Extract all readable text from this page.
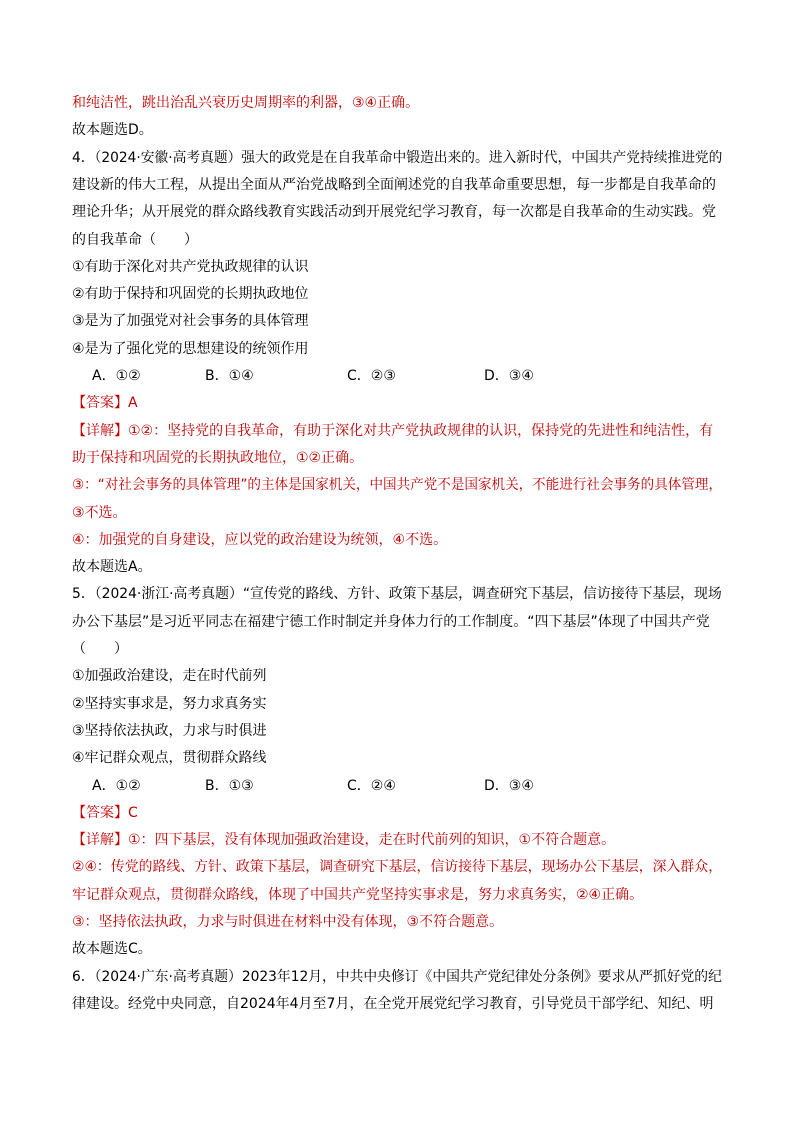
和纯洁性，跳出治乱兴衰历史周期率的利器，③④正确。
故本题选D。
4．（2024·安徽·高考真题）强大的政党是在自我革命中锻造出来的。进入新时代，中国共产党持续推进党的
建设新的伟大工程，从提出全面从严治党战略到全面阐述党的自我革命重要思想，每一步都是自我革命的
理论升华；从开展党的群众路线教育实践活动到开展党纪学习教育，每一次都是自我革命的生动实践。党
的自我革命（　　）
①有助于深化对共产党执政规律的认识
②有助于保持和巩固党的长期执政地位
③是为了加强党对社会事务的具体管理
④是为了强化党的思想建设的统领作用
A．①②	B．①④	C．②③	D．③④
【答案】A
【详解】①②：坚持党的自我革命，有助于深化对共产党执政规律的认识，保持党的先进性和纯洁性，有
助于保持和巩固党的长期执政地位，①②正确。
③：“对社会事务的具体管理”的主体是国家机关，中国共产党不是国家机关，不能进行社会事务的具体管理，
③不选。
④：加强党的自身建设，应以党的政治建设为统领，④不选。
故本题选A。
5．（2024·浙江·高考真题）“宣传党的路线、方针、政策下基层，调查研究下基层，信访接待下基层，现场
办公下基层”是习近平同志在福建宁德工作时制定并身体力行的工作制度。“四下基层”体现了中国共产党
（　　）
①加强政治建设，走在时代前列
②坚持实事求是，努力求真务实
③坚持依法执政，力求与时俱进
④牢记群众观点，贯彻群众路线
A．①②	B．①③	C．②④	D．③④
【答案】C
【详解】①：四下基层，没有体现加强政治建设，走在时代前列的知识，①不符合题意。
②④：传党的路线、方针、政策下基层，调查研究下基层，信访接待下基层，现场办公下基层，深入群众，
牢记群众观点，贯彻群众路线，体现了中国共产党坚持实事求是，努力求真务实，②④正确。
③：坚持依法执政，力求与时俱进在材料中没有体现，③不符合题意。
故本题选C。
6．（2024·广东·高考真题）2023年12月，中共中央修订《中国共产党纪律处分条例》要求从严抓好党的纪
律建设。经党中央同意，自2024年4月至7月，在全党开展党纪学习教育，引导党员干部学纪、知纪、明
